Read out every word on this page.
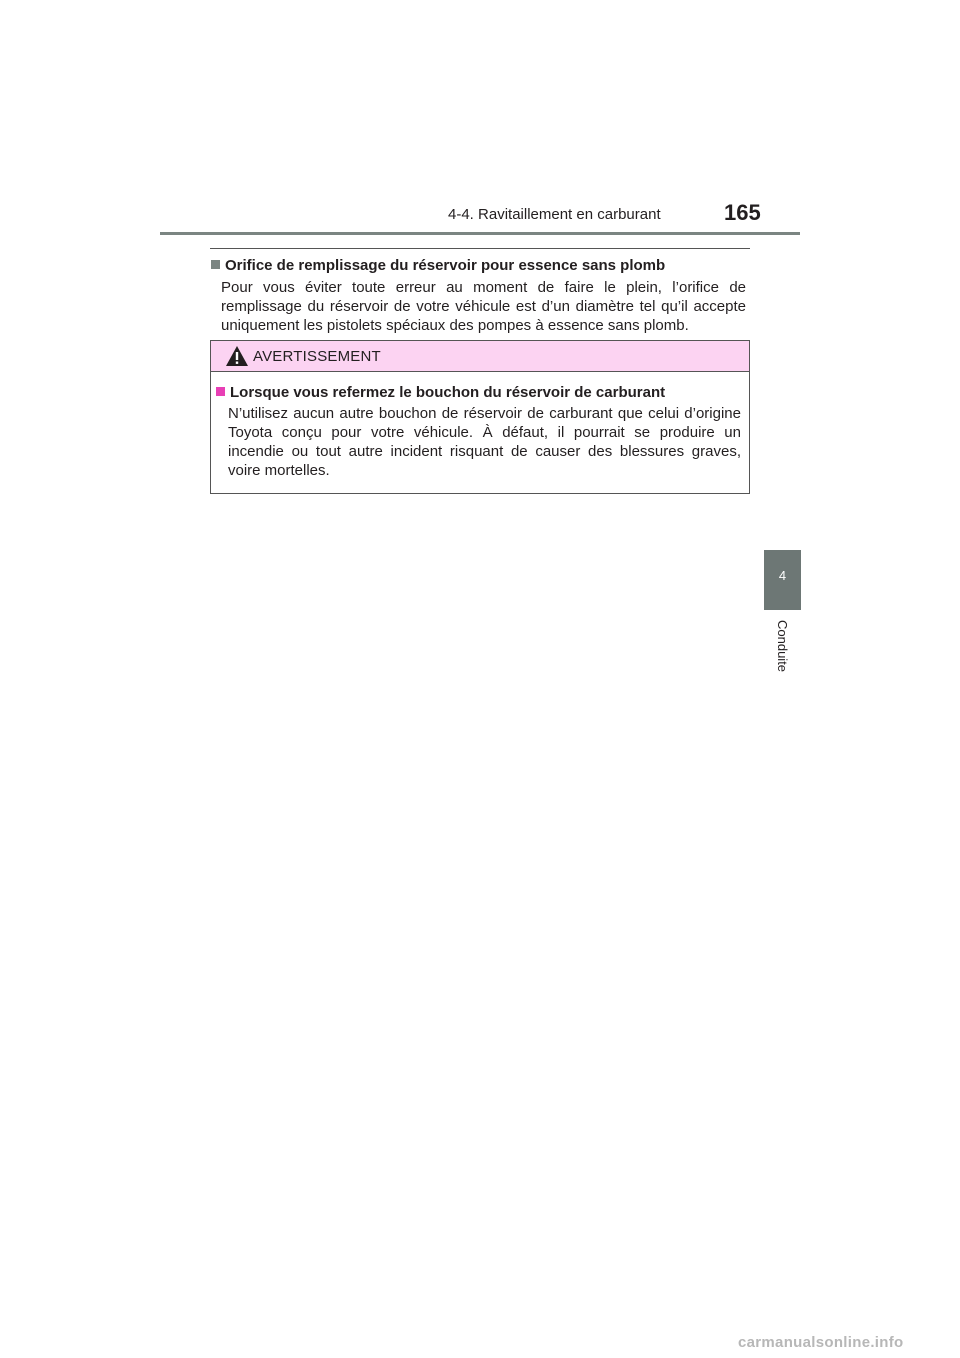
4-4. Ravitaillement en carburant	165
4
Conduite
Orifice de remplissage du réservoir pour essence sans plomb
Pour vous éviter toute erreur au moment de faire le plein, l’orifice de remplissage du réservoir de votre véhicule est d’un diamètre tel qu’il accepte uniquement les pistolets spéciaux des pompes à essence sans plomb.
AVERTISSEMENT
Lorsque vous refermez le bouchon du réservoir de carburant
N’utilisez aucun autre bouchon de réservoir de carburant que celui d’origine Toyota conçu pour votre véhicule. À défaut, il pourrait se produire un incendie ou tout autre incident risquant de causer des blessures graves, voire mortelles.
carmanualsonline.info
